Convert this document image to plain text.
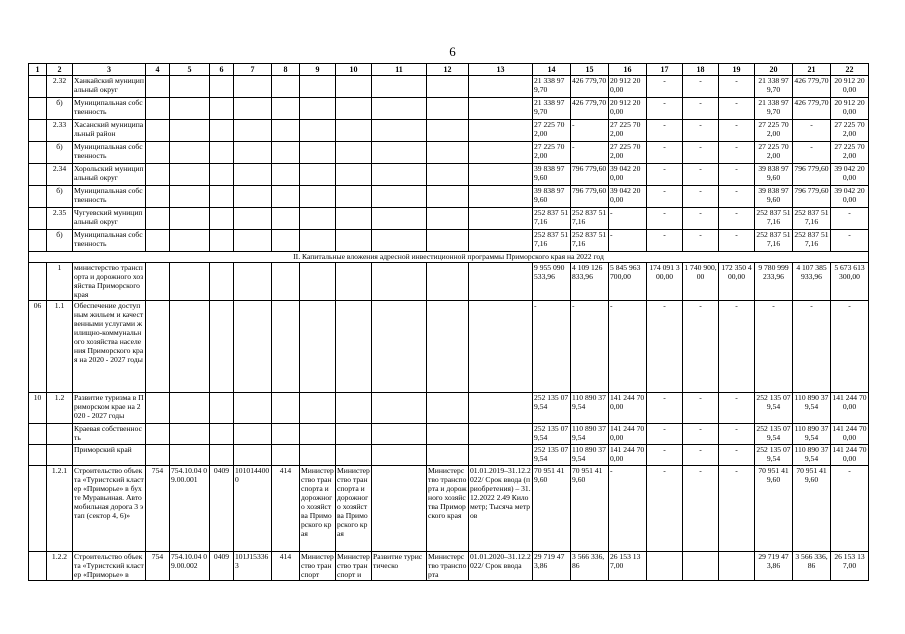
6
1	2	3	4	5	6	7	8	9	10	11	12	13	14	15	16	17	18	19	20	21	22
	2.32	Ханкайский муниципальный округ											21 338 979,70	426 779,70	20 912 200,00	-	-	-	21 338 979,70	426 779,70	20 912 200,00
	б)	Муниципальная собственность											21 338 979,70	426 779,70	20 912 200,00	-	-	-	21 338 979,70	426 779,70	20 912 200,00
	2.33	Хасанский муниципальный район											27 225 702,00	-	27 225 702,00	-	-	-	27 225 702,00	-	27 225 702,00
	б)	Муниципальная собственность											27 225 702,00	-	27 225 702,00	-	-	-	27 225 702,00	-	27 225 702,00
	2.34	Хорольский муниципальный округ											39 838 979,60	796 779,60	39 042 200,00	-	-	-	39 838 979,60	796 779,60	39 042 200,00
	б)	Муниципальная собственность											39 838 979,60	796 779,60	39 042 200,00	-	-	-	39 838 979,60	796 779,60	39 042 200,00
	2.35	Чугуевский муниципальный округ											252 837 517,16	252 837 517,16	-	-	-	-	252 837 517,16	252 837 517,16	-
	б)	Муниципальная собственность											252 837 517,16	252 837 517,16	-	-	-	-	252 837 517,16	252 837 517,16	-
II. Капитальные вложения адресной инвестиционной программы Приморского края на 2022 год																					
	1	министерство транспорта и дорожного хозяйства Приморского края											9 955 090 533,96	4 109 126 833,96	5 845 963 700,00	174 091 300,00	1 740 900,00	172 350 400,00	9 780 999 233,96	4 107 385 933,96	5 673 613 300,00
06	1.1	Обеспечение доступным жильем и качественными услугами жилищно-коммунального хозяйства населения Приморского края на 2020 - 2027 годы											-	-	-	-	-	-	-	-	-
10	1.2	Развитие туризма в Приморском крае на 2020 - 2027 годы											252 135 079,54	110 890 379,54	141 244 700,00	-	-	-	252 135 079,54	110 890 379,54	141 244 700,00
		Краевая собственность											252 135 079,54	110 890 379,54	141 244 700,00	-	-	-	252 135 079,54	110 890 379,54	141 244 700,00
		Приморский край											252 135 079,54	110 890 379,54	141 244 700,00	-	-	-	252 135 079,54	110 890 379,54	141 244 700,00
	1.2.1	Строительство объекта «Туристский кластер «Приморье» в бухте Муравьиная. Автомобильная дорога 3 этап (сектор 4, 6)»	754	754.10.04 09.00.001	0409	1010144000	414	Министерство транспорта и дорожного хозяйства Приморского края	Министерство транспорта и дорожного хозяйства Приморского края		Министерство транспорта и дорожного хозяйства Приморского края	01.01.2019–31.12.2022/ Срок ввода (приобретения) – 31.12.2022 2.49 Километр; Тысяча метров	70 951 419,60	70 951 419,60	-	-	-	-	70 951 419,60	70 951 419,60	-
	1.2.2	Строительство объекта «Туристский кластер «Приморье» в	754	754.10.04 09.00.002	0409	101J153363	414	Министерство транспорт	Министерство транспорт и	Развитие туристическо	Министерство транспорта	01.01.2020–31.12.2022/ Срок ввода	29 719 473,86	3 566 336,86	26 153 137,00				29 719 473,86	3 566 336,86	26 153 137,00
